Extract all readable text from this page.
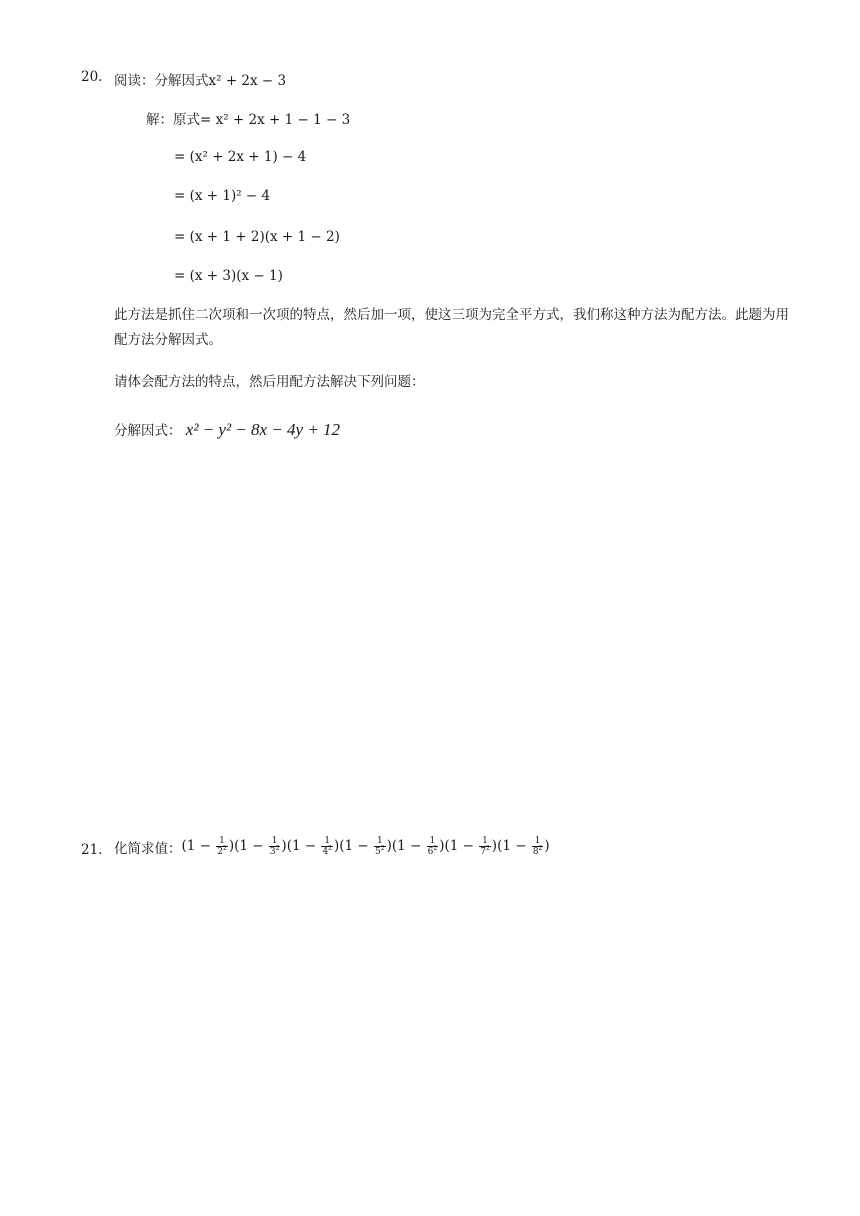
20. 阅读：分解因式x² + 2x − 3
解：原式= x² + 2x + 1 − 1 − 3
= (x² + 2x + 1) − 4
= (x + 1)² − 4
= (x + 1 + 2)(x + 1 − 2)
= (x + 3)(x − 1)
此方法是抓住二次项和一次项的特点，然后加一项，使这三项为完全平方式，我们称这种方法为配方法。此题为用配方法分解因式。
请体会配方法的特点，然后用配方法解决下列问题：
分解因式： x² − y² − 8x − 4y + 12
21. 化简求值：$(1 - \frac{1}{2^2} )(1 - \frac{1}{3^2} )(1 - \frac{1}{4^2} )(1 - \frac{1}{5^2} )(1 - \frac{1}{6^2} )(1 - \frac{1}{7^2} )(1 - \frac{1}{8^2}$ )
